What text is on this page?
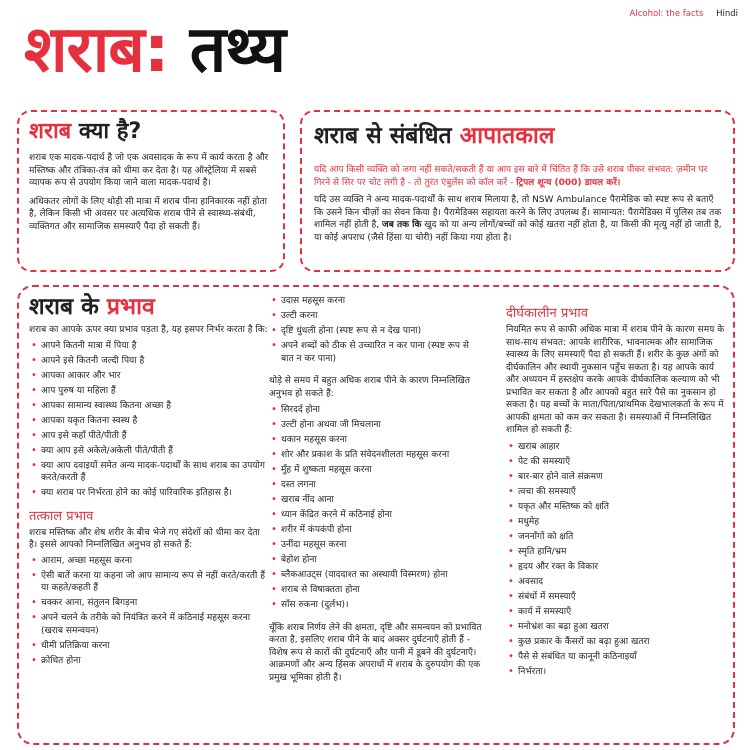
Alcohol: the facts Hindi
शराब: तथ्य
शराब क्या है?

शराब एक मादक-पदार्थ है जो एक अवसादक के रूप में कार्य करता है और मस्तिष्क और तंत्रिका-तंत्र को धीमा कर देता है। यह ऑस्ट्रेलिया में सबसे व्यापक रूप से उपयोग किया जाने वाला मादक-पदार्थ है।

अधिकतर लोगों के लिए थोड़ी सी मात्रा में शराब पीना हानिकारक नहीं होता है, लेकिन किसी भी अवसर पर अत्यधिक शराब पीने से स्वास्थ्य-संबंधी, व्यक्तिगत और सामाजिक समस्याएँ पैदा हो सकती हैं।

शराब से संबंधित आपातकाल

यदि आप किसी व्यक्ति को जगा नहीं सकते/सकती हैं या आप इस बारे में चिंतित हैं कि उसे शराब पीकर संभवत: ज़मीन पर गिरने से सिर पर चोट लगी है - तो तुरंत एंबुलेंस को कॉल करें - ट्रिपल शून्य (000) डायल करें।

यदि उस व्यक्ति ने अन्य मादक-पदार्थों के साथ शराब मिलाया है, तो NSW Ambulance पैरामेडिक को स्पष्ट रूप से बताएँ कि उसने किन चीज़ों का सेवन किया है। पैरामेडिक्स सहायता करने के लिए उपलब्ध हैं। सामान्यत: पैरामेडिक्स में पुलिस तब तक शामिल नहीं होती है, जब तक कि खुद को या अन्य लोगों/बच्चों को कोई खतरा नहीं होता है, या किसी की मृत्यु नहीं हो जाती है, या कोई अपराध (जैसे हिंसा या चोरी) नहीं किया गया होता है।

शराब के प्रभाव

शराब का आपके ऊपर क्या प्रभाव पड़ता है, यह इसपर निर्भर करता है कि:

• आपने कितनी मात्रा में पिया है
• आपने इसे कितनी जल्दी पिया है
• आपका आकार और भार
• आप पुरुष या महिला हैं
• आपका सामान्य स्वास्थ्य कितना अच्छा है
• आपका यकृत कितना स्वस्थ है
• आप इसे कहाँ पीते/पीती हैं
• क्या आप इसे अकेले/अकेली पीते/पीती हैं
• क्या आप दवाइयों समेत अन्य मादक-पदार्थों के साथ शराब का उपयोग करते/करती हैं
• क्या शराब पर निर्भरता होने का कोई पारिवारिक इतिहास है।
तत्काल प्रभाव

शराब मस्तिष्क और शेष शरीर के बीच भेजे गए संदेशों को धीमा कर देता है। इससे आपको निम्नलिखित अनुभव हो सकते हैं:

• आराम, अच्छा महसूस करना
• ऐसी बातें करना या कहना जो आप सामान्य रूप से नहीं करते/करती हैं या कहते/कहती हैं
• चक्कर आना, संतुलन बिगड़ना
• अपने चलने के तरीके को नियंत्रित करने में कठिनाई महसूस करना (खराब समन्वयन)
• धीमी प्रतिक्रिया करना
• क्रोधित होना
• उदास महसूस करना
• उल्टी करना
• दृष्टि धुंधली होना (स्पष्ट रूप से न देख पाना)
• अपने शब्दों को ठीक से उच्चारित न कर पाना (स्पष्ट रूप से बात न कर पाना)

थोड़े से समय में बहुत अधिक शराब पीने के कारण निम्नलिखित अनुभव हो सकते हैं:

• सिरदर्द होना
• उल्टी होना अथवा जी मिचलाना
• थकान महसूस करना
• शोर और प्रकाश के प्रति संवेदनशीलता महसूस करना
• मुँह में शुष्कता महसूस करना
• दस्त लगना
• खराब नींद आना
• ध्यान केंद्रित करने में कठिनाई होना
• शरीर में कंपकंपी होना
• उनींदा महसूस करना
• बेहोश होना
• ब्लैकआउट्स (याददाश्त का अस्थायी विस्मरण) होना
• शराब से विषाक्तता होना
• साँस रुकना (दुर्लभ)।

चूँकि शराब निर्णय लेने की क्षमता, दृष्टि और समन्वयन को प्रभावित करता है, इसलिए शराब पीने के बाद अक्सर दुर्घटनाएँ होती हैं - विशेष रूप से कारों की दुर्घटनाएँ और पानी में डूबने की दुर्घटनाएँ। आक्रमणों और अन्य हिंसक अपराधों में शराब के दुरुपयोग की एक प्रमुख भूमिका होती है।

दीर्घकालीन प्रभाव

नियमित रूप से काफी अधिक मात्रा में शराब पीने के कारण समय के साथ-साथ संभवत: आपके शारीरिक, भावनात्मक और सामाजिक स्वास्थ्य के लिए समस्याएँ पैदा हो सकती हैं। शरीर के कुछ अंगों को दीर्घकालिन और स्थायी नुकसान पहुँच सकता है। यह आपके कार्य और अध्ययन में हस्तक्षेप करके आपके दीर्घकालिक कल्याण को भी प्रभावित कर सकता है और आपको बहुत सारे पैसे का नुकसान हो सकता है। यह बच्चों के माता/पिता/प्राथमिक देखभालकर्ता के रूप में आपकी क्षमता को कम कर सकता है। समस्याओं में निम्नलिखित शामिल हो सकती हैं:

• खराब आहार
• पेट की समस्याएँ
• बार-बार होने वाले संक्रमण
• त्वचा की समस्याएँ
• यकृत और मस्तिष्क को क्षति
• मधुमेह
• जननाँगों को क्षति
• स्मृति हानि/भ्रम
• हृदय और रक्त के विकार
• अवसाद
• संबंधों में समस्याएँ
• कार्य में समस्याएँ
• मनोभ्रंश का बढ़ा हुआ खतरा
• कुछ प्रकार के कैंसरों का बढ़ा हुआ खतरा
• पैसे से संबंधित या कानूनी कठिनाइयाँ
• निर्भरता।
